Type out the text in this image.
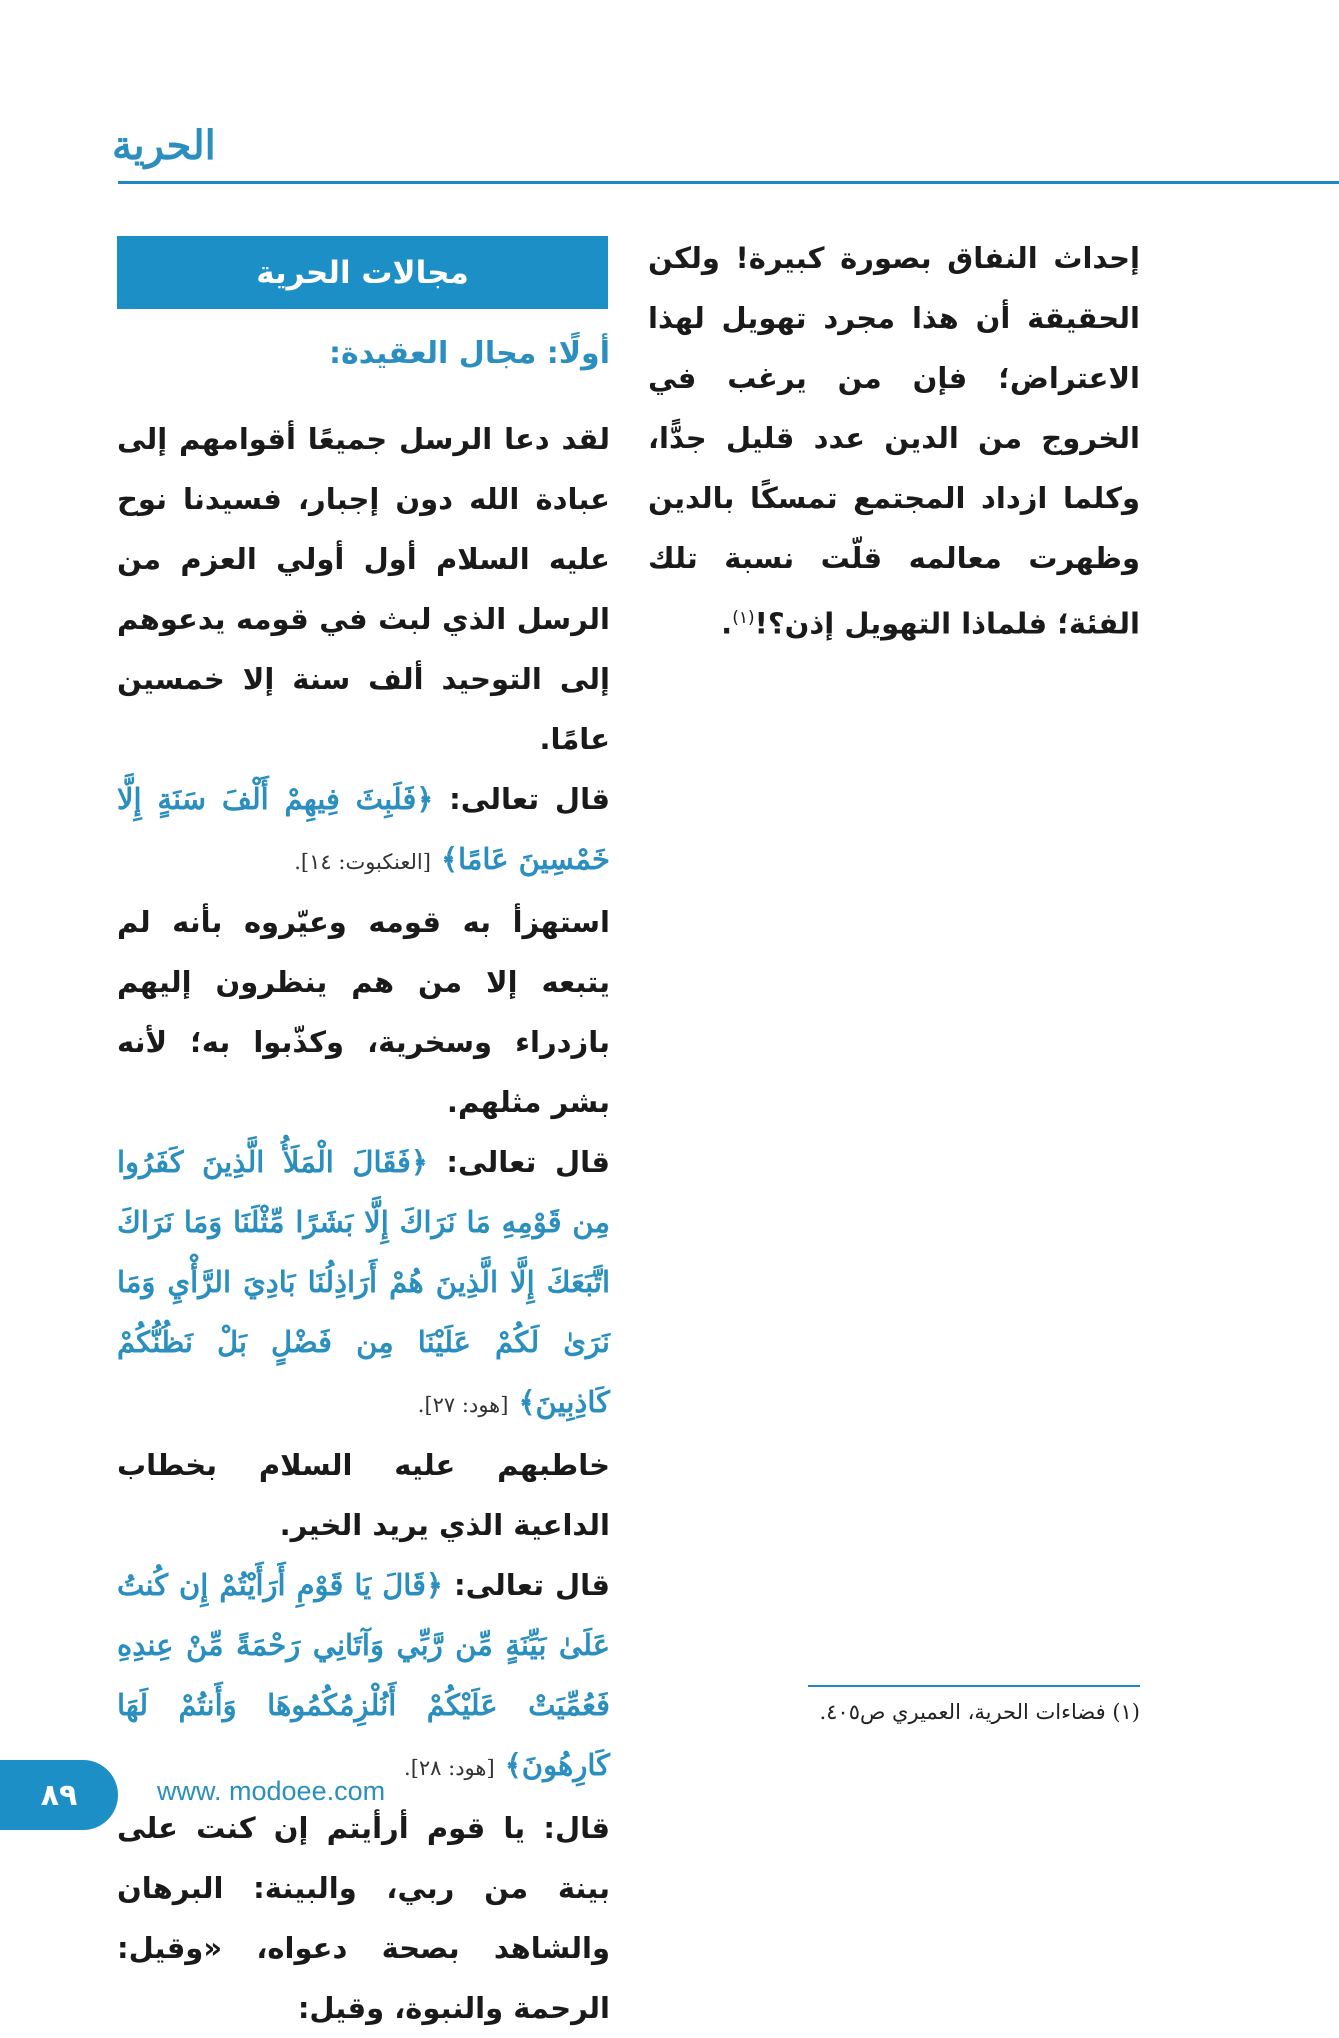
الحرية

إحداث النفاق بصورة كبيرة! ولكن الحقيقة أن هذا مجرد تهويل لهذا الاعتراض؛ فإن من يرغب في الخروج من الدين عدد قليل جدًّا، وكلما ازداد المجتمع تمسكًا بالدين وظهرت معالمه قلّت نسبة تلك الفئة؛ فلماذا التهويل إذن؟!$^{(١)}$.

مجالات الحرية
أولًا: مجال العقيدة:

لقد دعا الرسل جميعًا أقوامهم إلى عبادة الله دون إجبار، فسيدنا نوح عليه السلام أول أولي العزم من الرسل الذي لبث في قومه يدعوهم إلى التوحيد ألف سنة إلا خمسين عامًا.

قال تعالى: ﴿فَلَبِثَ فِيهِمْ أَلْفَ سَنَةٍ إِلَّا خَمْسِينَ عَامًا﴾ [العنكبوت: ١٤].

استهزأ به قومه وعيّروه بأنه لم يتبعه إلا من هم ينظرون إليهم بازدراء وسخرية، وكذّبوا به؛ لأنه بشر مثلهم.

قال تعالى: ﴿فَقَالَ الْمَلَأُ الَّذِينَ كَفَرُوا مِن قَوْمِهِ مَا نَرَاكَ إِلَّا بَشَرًا مِّثْلَنَا وَمَا نَرَاكَ اتَّبَعَكَ إِلَّا الَّذِينَ هُمْ أَرَاذِلُنَا بَادِيَ الرَّأْيِ وَمَا نَرَىٰ لَكُمْ عَلَيْنَا مِن فَضْلٍ بَلْ نَظُنُّكُمْ كَاذِبِينَ﴾ [هود: ٢٧].

خاطبهم عليه السلام بخطاب الداعية الذي يريد الخير.

قال تعالى: ﴿قَالَ يَا قَوْمِ أَرَأَيْتُمْ إِن كُنتُ عَلَىٰ بَيِّنَةٍ مِّن رَّبِّي وَآتَانِي رَحْمَةً مِّنْ عِندِهِ فَعُمِّيَتْ عَلَيْكُمْ أَنُلْزِمُكُمُوهَا وَأَنتُمْ لَهَا كَارِهُونَ﴾ [هود: ٢٨].

قال: يا قوم أرأيتم إن كنت على بينة من ربي، والبينة: البرهان والشاهد بصحة دعواه، «وقيل: الرحمة والنبوة، وقيل:

(١) فضاءات الحرية، العميري ص٤٠٥.
٨٩	www. modoee.com
